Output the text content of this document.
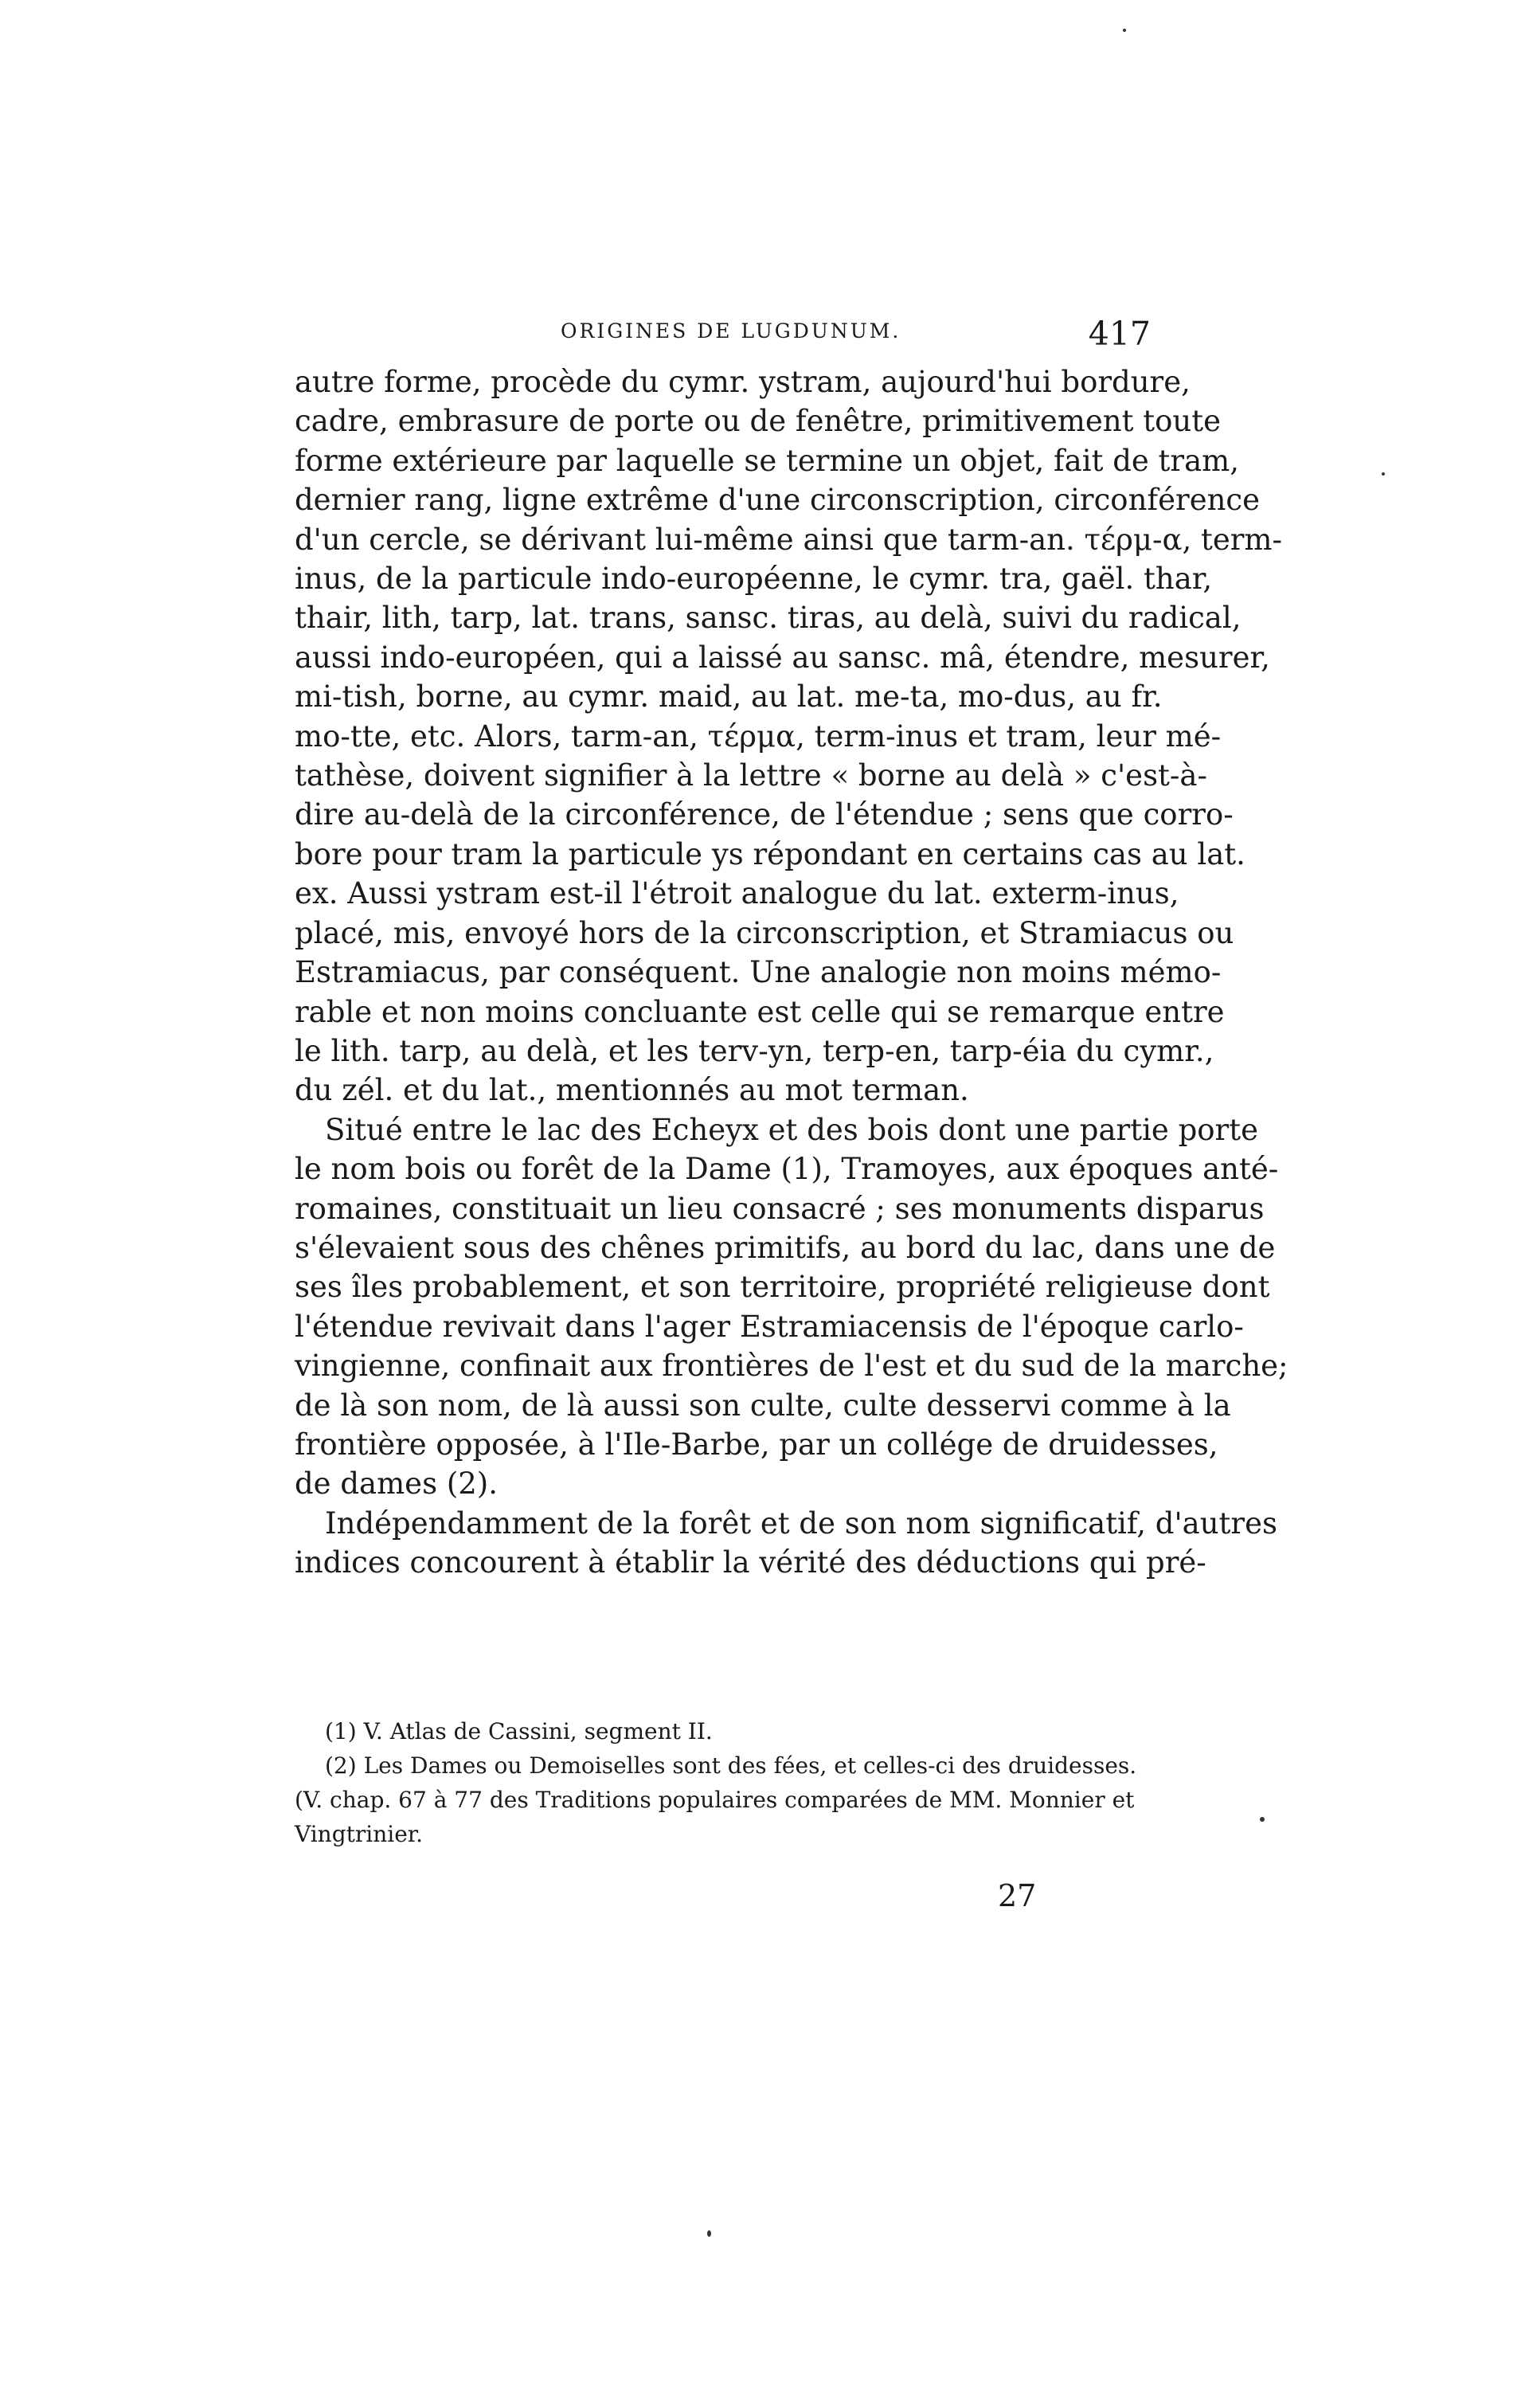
ORIGINES DE LUGDUNUM.	417
autre forme, procède du cymr. ystram, aujourd'hui bordure,
cadre, embrasure de porte ou de fenêtre, primitivement toute
forme extérieure par laquelle se termine un objet, fait de tram,
dernier rang, ligne extrême d'une circonscription, circonférence
d'un cercle, se dérivant lui-même ainsi que tarm-an. τέρμ-α, term-
inus, de la particule indo-européenne, le cymr. tra, gaël. thar,
thair, lith, tarp, lat. trans, sansc. tiras, au delà, suivi du radical,
aussi indo-européen, qui a laissé au sansc. mâ, étendre, mesurer,
mi-tish, borne, au cymr. maid, au lat. me-ta, mo-dus, au fr.
mo-tte, etc. Alors, tarm-an, τέρμα, term-inus et tram, leur mé-
tathèse, doivent signifier à la lettre « borne au delà » c'est-à-
dire au-delà de la circonférence, de l'étendue ; sens que corro-
bore pour tram la particule ys répondant en certains cas au lat.
ex. Aussi ystram est-il l'étroit analogue du lat. exterm-inus,
placé, mis, envoyé hors de la circonscription, et Stramiacus ou
Estramiacus, par conséquent. Une analogie non moins mémo-
rable et non moins concluante est celle qui se remarque entre
le lith. tarp, au delà, et les terv-yn, terp-en, tarp-éia du cymr.,
du zél. et du lat., mentionnés au mot terman.
Situé entre le lac des Echeyx et des bois dont une partie porte
le nom bois ou forêt de la Dame (1), Tramoyes, aux époques anté-
romaines, constituait un lieu consacré ; ses monuments disparus
s'élevaient sous des chênes primitifs, au bord du lac, dans une de
ses îles probablement, et son territoire, propriété religieuse dont
l'étendue revivait dans l'ager Estramiacensis de l'époque carlo-
vingienne, confinait aux frontières de l'est et du sud de la marche;
de là son nom, de là aussi son culte, culte desservi comme à la
frontière opposée, à l'Ile-Barbe, par un collége de druidesses,
de dames (2).
Indépendamment de la forêt et de son nom significatif, d'autres
indices concourent à établir la vérité des déductions qui pré-
(1) V. Atlas de Cassini, segment II.
(2) Les Dames ou Demoiselles sont des fées, et celles-ci des druidesses.
(V. chap. 67 à 77 des Traditions populaires comparées de MM. Monnier et
Vingtrinier.
27
